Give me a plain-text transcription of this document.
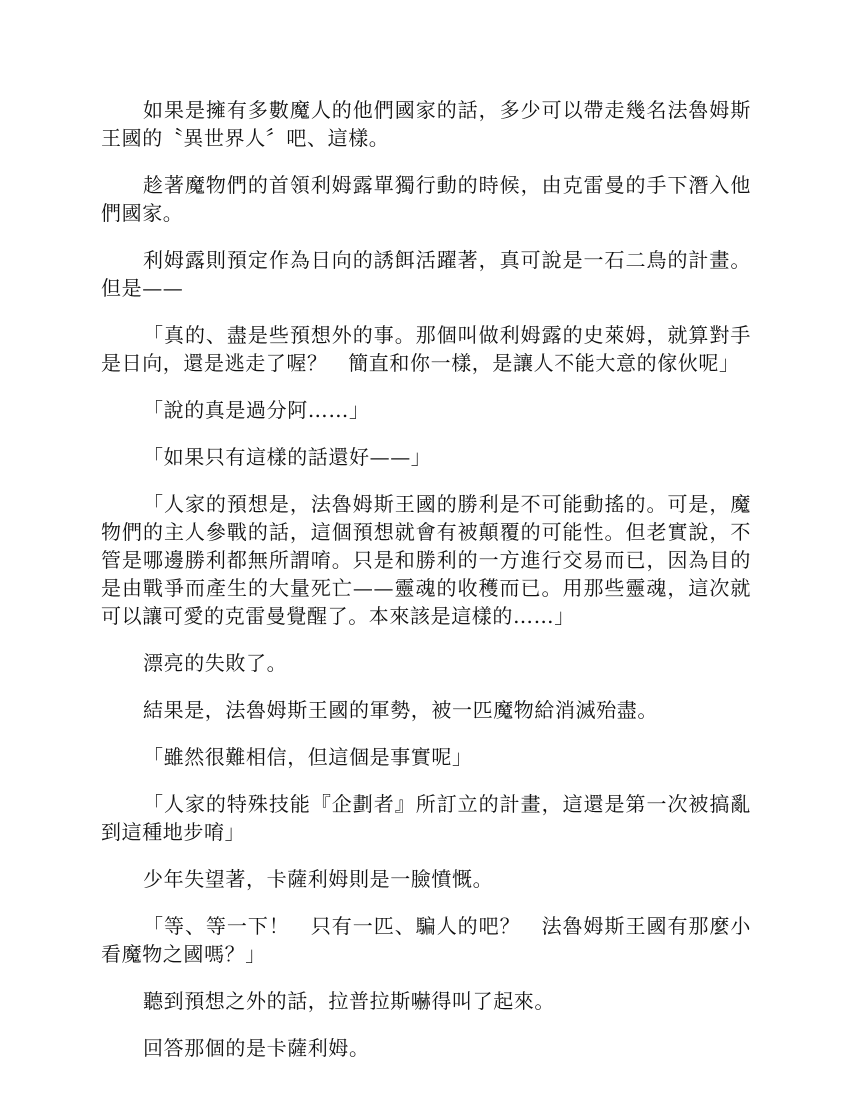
如果是擁有多數魔人的他們國家的話，多少可以帶走幾名法魯姆斯王國的〝異世界人〞吧、這樣。

趁著魔物們的首領利姆露單獨行動的時候，由克雷曼的手下潛入他們國家。

利姆露則預定作為日向的誘餌活躍著，真可說是一石二鳥的計畫。但是——

「真的、盡是些預想外的事。那個叫做利姆露的史萊姆，就算對手是日向，還是逃走了喔？　簡直和你一樣，是讓人不能大意的傢伙呢」

「說的真是過分阿……」

「如果只有這樣的話還好——」

「人家的預想是，法魯姆斯王國的勝利是不可能動搖的。可是，魔物們的主人參戰的話，這個預想就會有被顛覆的可能性。但老實說，不管是哪邊勝利都無所謂唷。只是和勝利的一方進行交易而已，因為目的是由戰爭而產生的大量死亡——靈魂的收穫而已。用那些靈魂，這次就可以讓可愛的克雷曼覺醒了。本來該是這樣的……」

漂亮的失敗了。

結果是，法魯姆斯王國的軍勢，被一匹魔物給消滅殆盡。

「雖然很難相信，但這個是事實呢」

「人家的特殊技能『企劃者』所訂立的計畫，這還是第一次被搞亂到這種地步唷」

少年失望著，卡薩利姆則是一臉憤慨。

「等、等一下！　只有一匹、騙人的吧？　法魯姆斯王國有那麼小看魔物之國嗎？」

聽到預想之外的話，拉普拉斯嚇得叫了起來。

回答那個的是卡薩利姆。
